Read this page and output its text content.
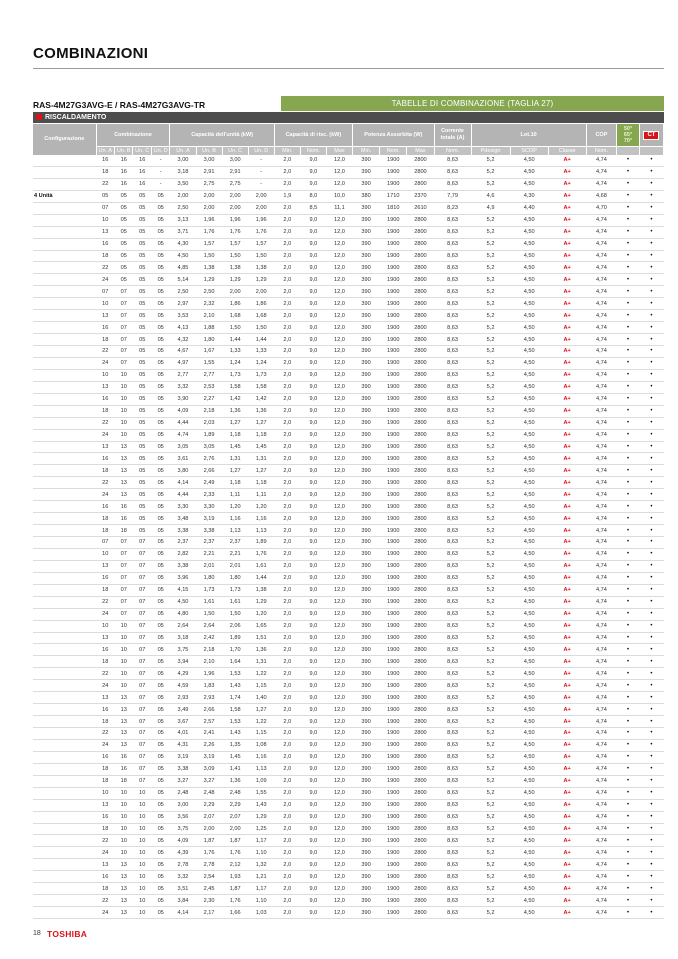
COMBINAZIONI
RAS-4M27G3AVG-E / RAS-4M27G3AVG-TR	TABELLE DI COMBINAZIONE (TAGLIA 27)
RISCALDAMENTO
Configurazione	Combinazione				Capacità dell'unità (kW)				Capacità di risc. (kW)			Potenza Assorbita (W)			Corrente totale (A)	Lot.10			COP	50°
65°
70°	CT
	Un. A	Un. B	Un. C	Un. D	Un. A	Un. B	Un. C	Un. D	Min.	Nom.	Max	Min.	Nom.	Max	Nom.	Pdesign	SCOP	Classe	Nom.		
	16	16	16	-	3,00	3,00	3,00	-	2,0	9,0	12,0	390	1900	2800	8,63	5,2	4,50	A+	4,74	•	•
	18	16	16	-	3,18	2,91	2,91	-	2,0	9,0	12,0	390	1900	2800	8,63	5,2	4,50	A+	4,74	•	•
	22	16	16	-	3,50	2,75	2,75	-	2,0	9,0	12,0	390	1900	2800	8,63	5,2	4,50	A+	4,74	•	•
4 Unità	05	05	05	05	2,00	2,00	2,00	2,00	1,9	8,0	10,0	380	1710	2370	7,79	4,6	4,30	A+	4,68	•	•
	07	05	05	05	2,50	2,00	2,00	2,00	2,0	8,5	11,1	390	1810	2610	8,23	4,9	4,40	A+	4,70	•	•
	10	05	05	05	3,13	1,96	1,96	1,96	2,0	9,0	12,0	390	1900	2800	8,63	5,2	4,50	A+	4,74	•	•
	13	05	05	05	3,71	1,76	1,76	1,76	2,0	9,0	12,0	390	1900	2800	8,63	5,2	4,50	A+	4,74	•	•
	16	05	05	05	4,30	1,57	1,57	1,57	2,0	9,0	12,0	390	1900	2800	8,63	5,2	4,50	A+	4,74	•	•
	18	05	05	05	4,50	1,50	1,50	1,50	2,0	9,0	12,0	390	1900	2800	8,63	5,2	4,50	A+	4,74	•	•
	22	05	05	05	4,85	1,38	1,38	1,38	2,0	9,0	12,0	390	1900	2800	8,63	5,2	4,50	A+	4,74	•	•
	24	05	05	05	5,14	1,29	1,29	1,29	2,0	9,0	12,0	390	1900	2800	8,63	5,2	4,50	A+	4,74	•	•
	07	07	05	05	2,50	2,50	2,00	2,00	2,0	9,0	12,0	390	1900	2800	8,63	5,2	4,50	A+	4,74	•	•
	10	07	05	05	2,97	2,32	1,86	1,86	2,0	9,0	12,0	390	1900	2800	8,63	5,2	4,50	A+	4,74	•	•
	13	07	05	05	3,53	2,10	1,68	1,68	2,0	9,0	12,0	390	1900	2800	8,63	5,2	4,50	A+	4,74	•	•
	16	07	05	05	4,13	1,88	1,50	1,50	2,0	9,0	12,0	390	1900	2800	8,63	5,2	4,50	A+	4,74	•	•
	18	07	05	05	4,32	1,80	1,44	1,44	2,0	9,0	12,0	390	1900	2800	8,63	5,2	4,50	A+	4,74	•	•
	22	07	05	05	4,67	1,67	1,33	1,33	2,0	9,0	12,0	390	1900	2800	8,63	5,2	4,50	A+	4,74	•	•
	24	07	05	05	4,97	1,55	1,24	1,24	2,0	9,0	12,0	390	1900	2800	8,63	5,2	4,50	A+	4,74	•	•
	10	10	05	05	2,77	2,77	1,73	1,73	2,0	9,0	12,0	390	1900	2800	8,63	5,2	4,50	A+	4,74	•	•
	13	10	05	05	3,32	2,53	1,58	1,58	2,0	9,0	12,0	390	1900	2800	8,63	5,2	4,50	A+	4,74	•	•
	16	10	05	05	3,90	2,27	1,42	1,42	2,0	9,0	12,0	390	1900	2800	8,63	5,2	4,50	A+	4,74	•	•
	18	10	05	05	4,09	2,18	1,36	1,36	2,0	9,0	12,0	390	1900	2800	8,63	5,2	4,50	A+	4,74	•	•
	22	10	05	05	4,44	2,03	1,27	1,27	2,0	9,0	12,0	390	1900	2800	8,63	5,2	4,50	A+	4,74	•	•
	24	10	05	05	4,74	1,89	1,18	1,18	2,0	9,0	12,0	390	1900	2800	8,63	5,2	4,50	A+	4,74	•	•
	13	13	05	05	3,05	3,05	1,45	1,45	2,0	9,0	12,0	390	1900	2800	8,63	5,2	4,50	A+	4,74	•	•
	16	13	05	05	3,61	2,76	1,31	1,31	2,0	9,0	12,0	390	1900	2800	8,63	5,2	4,50	A+	4,74	•	•
	18	13	05	05	3,80	2,66	1,27	1,27	2,0	9,0	12,0	390	1900	2800	8,63	5,2	4,50	A+	4,74	•	•
	22	13	05	05	4,14	2,49	1,18	1,18	2,0	9,0	12,0	390	1900	2800	8,63	5,2	4,50	A+	4,74	•	•
	24	13	05	05	4,44	2,33	1,11	1,11	2,0	9,0	12,0	390	1900	2800	8,63	5,2	4,50	A+	4,74	•	•
	16	16	05	05	3,30	3,30	1,20	1,20	2,0	9,0	12,0	390	1900	2800	8,63	5,2	4,50	A+	4,74	•	•
	18	16	05	05	3,48	3,19	1,16	1,16	2,0	9,0	12,0	390	1900	2800	8,63	5,2	4,50	A+	4,74	•	•
	18	18	05	05	3,38	3,38	1,13	1,13	2,0	9,0	12,0	390	1900	2800	8,63	5,2	4,50	A+	4,74	•	•
	07	07	07	05	2,37	2,37	2,37	1,89	2,0	9,0	12,0	390	1900	2800	8,63	5,2	4,50	A+	4,74	•	•
	10	07	07	05	2,82	2,21	2,21	1,76	2,0	9,0	12,0	390	1900	2800	8,63	5,2	4,50	A+	4,74	•	•
	13	07	07	05	3,38	2,01	2,01	1,61	2,0	9,0	12,0	390	1900	2800	8,63	5,2	4,50	A+	4,74	•	•
	16	07	07	05	3,96	1,80	1,80	1,44	2,0	9,0	12,0	390	1900	2800	8,63	5,2	4,50	A+	4,74	•	•
	18	07	07	05	4,15	1,73	1,73	1,38	2,0	9,0	12,0	390	1900	2800	8,63	5,2	4,50	A+	4,74	•	•
	22	07	07	05	4,50	1,61	1,61	1,29	2,0	9,0	12,0	390	1900	2800	8,63	5,2	4,50	A+	4,74	•	•
	24	07	07	05	4,80	1,50	1,50	1,20	2,0	9,0	12,0	390	1900	2800	8,63	5,2	4,50	A+	4,74	•	•
	10	10	07	05	2,64	2,64	2,06	1,65	2,0	9,0	12,0	390	1900	2800	8,63	5,2	4,50	A+	4,74	•	•
	13	10	07	05	3,18	2,42	1,89	1,51	2,0	9,0	12,0	390	1900	2800	8,63	5,2	4,50	A+	4,74	•	•
	16	10	07	05	3,75	2,18	1,70	1,36	2,0	9,0	12,0	390	1900	2800	8,63	5,2	4,50	A+	4,74	•	•
	18	10	07	05	3,94	2,10	1,64	1,31	2,0	9,0	12,0	390	1900	2800	8,63	5,2	4,50	A+	4,74	•	•
	22	10	07	05	4,29	1,96	1,53	1,22	2,0	9,0	12,0	390	1900	2800	8,63	5,2	4,50	A+	4,74	•	•
	24	10	07	05	4,59	1,83	1,43	1,15	2,0	9,0	12,0	390	1900	2800	8,63	5,2	4,50	A+	4,74	•	•
	13	13	07	05	2,93	2,93	1,74	1,40	2,0	9,0	12,0	390	1900	2800	8,63	5,2	4,50	A+	4,74	•	•
	16	13	07	05	3,49	2,66	1,58	1,27	2,0	9,0	12,0	390	1900	2800	8,63	5,2	4,50	A+	4,74	•	•
	18	13	07	05	3,67	2,57	1,53	1,22	2,0	9,0	12,0	390	1900	2800	8,63	5,2	4,50	A+	4,74	•	•
	22	13	07	05	4,01	2,41	1,43	1,15	2,0	9,0	12,0	390	1900	2800	8,63	5,2	4,50	A+	4,74	•	•
	24	13	07	05	4,31	2,26	1,35	1,08	2,0	9,0	12,0	390	1900	2800	8,63	5,2	4,50	A+	4,74	•	•
	16	16	07	05	3,19	3,19	1,45	1,16	2,0	9,0	12,0	390	1900	2800	8,63	5,2	4,50	A+	4,74	•	•
	18	16	07	05	3,38	3,09	1,41	1,13	2,0	9,0	12,0	390	1900	2800	8,63	5,2	4,50	A+	4,74	•	•
	18	18	07	05	3,27	3,27	1,36	1,09	2,0	9,0	12,0	390	1900	2800	8,63	5,2	4,50	A+	4,74	•	•
	10	10	10	05	2,48	2,48	2,48	1,55	2,0	9,0	12,0	390	1900	2800	8,63	5,2	4,50	A+	4,74	•	•
	13	10	10	05	3,00	2,29	2,29	1,43	2,0	9,0	12,0	390	1900	2800	8,63	5,2	4,50	A+	4,74	•	•
	16	10	10	05	3,56	2,07	2,07	1,29	2,0	9,0	12,0	390	1900	2800	8,63	5,2	4,50	A+	4,74	•	•
	18	10	10	05	3,75	2,00	2,00	1,25	2,0	9,0	12,0	390	1900	2800	8,63	5,2	4,50	A+	4,74	•	•
	22	10	10	05	4,09	1,87	1,87	1,17	2,0	9,0	12,0	390	1900	2800	8,63	5,2	4,50	A+	4,74	•	•
	24	10	10	05	4,39	1,76	1,76	1,10	2,0	9,0	12,0	390	1900	2800	8,63	5,2	4,50	A+	4,74	•	•
	13	13	10	05	2,78	2,78	2,12	1,32	2,0	9,0	12,0	390	1900	2800	8,63	5,2	4,50	A+	4,74	•	•
	16	13	10	05	3,32	2,54	1,93	1,21	2,0	9,0	12,0	390	1900	2800	8,63	5,2	4,50	A+	4,74	•	•
	18	13	10	05	3,51	2,45	1,87	1,17	2,0	9,0	12,0	390	1900	2800	8,63	5,2	4,50	A+	4,74	•	•
	22	13	10	05	3,84	2,30	1,76	1,10	2,0	9,0	12,0	390	1900	2800	8,63	5,2	4,50	A+	4,74	•	•
	24	13	10	05	4,14	2,17	1,66	1,03	2,0	9,0	12,0	390	1900	2800	8,63	5,2	4,50	A+	4,74	•	•
18 TOSHIBA
